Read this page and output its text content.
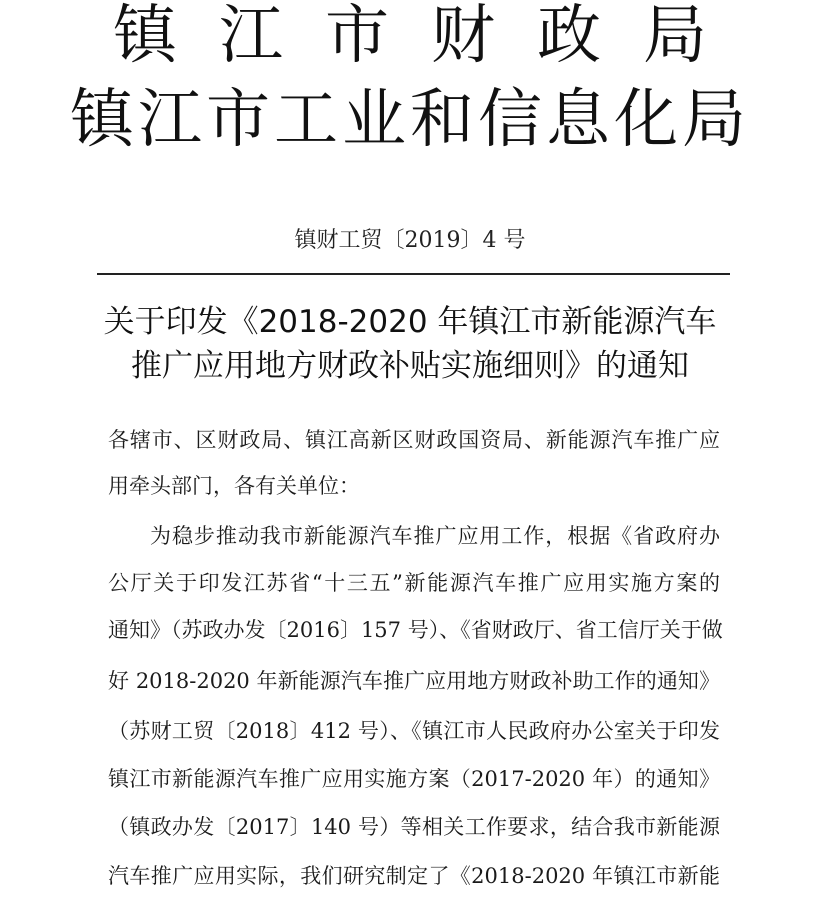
镇江市财政局
镇江市工业和信息化局
镇财工贸〔2019〕4 号
关于印发《2018-2020 年镇江市新能源汽车
推广应用地方财政补贴实施细则》的通知
各辖市、区财政局、镇江高新区财政国资局、新能源汽车推广应
用牵头部门，各有关单位：
为稳步推动我市新能源汽车推广应用工作，根据《省政府办
公厅关于印发江苏省“十三五”新能源汽车推广应用实施方案的
通知》（苏政办发〔2016〕157 号）、《省财政厅、省工信厅关于做
好 2018-2020 年新能源汽车推广应用地方财政补助工作的通知》
（苏财工贸〔2018〕412 号）、《镇江市人民政府办公室关于印发
镇江市新能源汽车推广应用实施方案（2017-2020 年）的通知》
（镇政办发〔2017〕140 号）等相关工作要求，结合我市新能源
汽车推广应用实际，我们研究制定了《2018-2020 年镇江市新能
